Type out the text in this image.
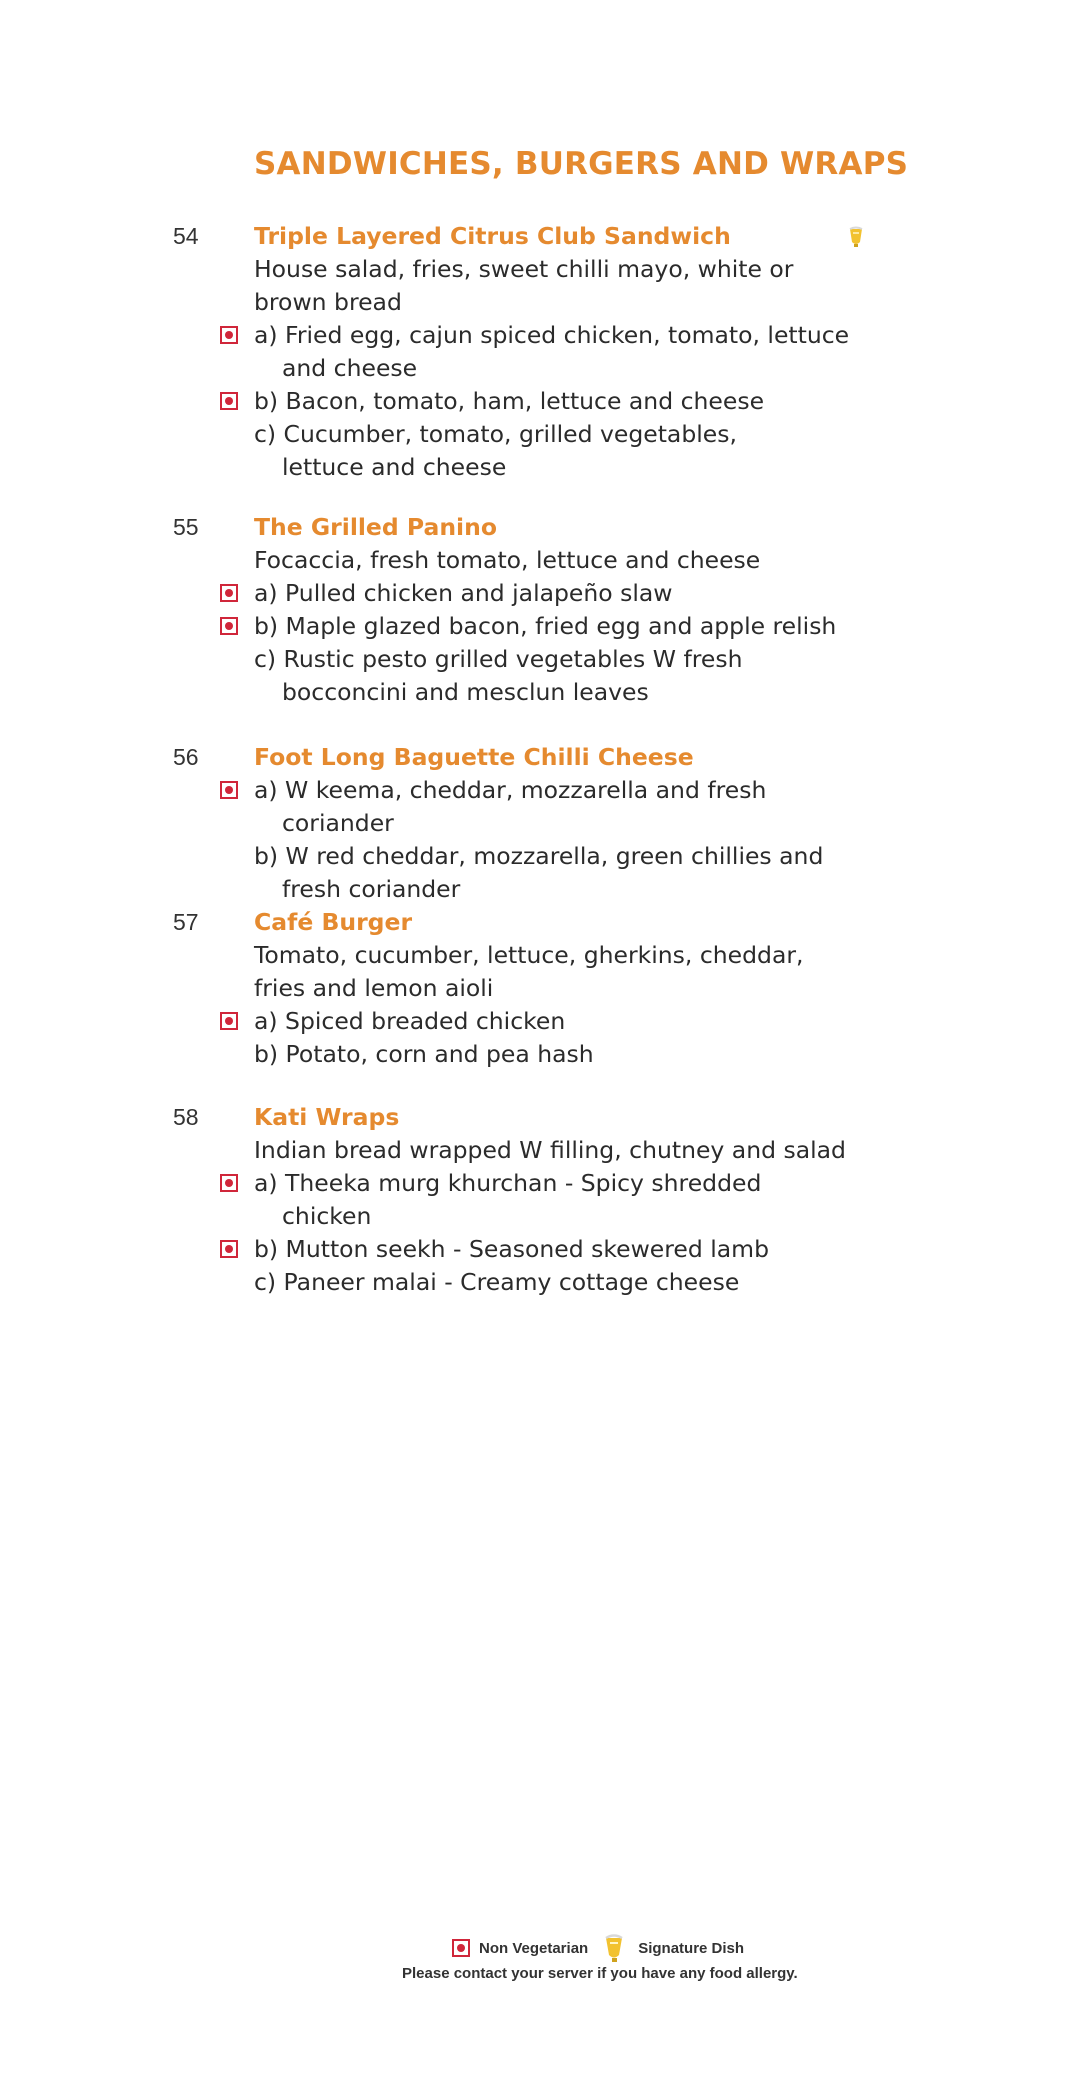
SANDWICHES, BURGERS AND WRAPS
54 Triple Layered Citrus Club Sandwich
House salad, fries, sweet chilli mayo, white or
brown bread
a) Fried egg, cajun spiced chicken, tomato, lettuce and cheese
b) Bacon, tomato, ham, lettuce and cheese
c) Cucumber, tomato, grilled vegetables, lettuce and cheese
55 The Grilled Panino
Focaccia, fresh tomato, lettuce and cheese
a) Pulled chicken and jalapeño slaw
b) Maple glazed bacon, fried egg and apple relish
c) Rustic pesto grilled vegetables W fresh bocconcini and mesclun leaves
56 Foot Long Baguette Chilli Cheese
a) W keema, cheddar, mozzarella and fresh coriander
b) W red cheddar, mozzarella, green chillies and fresh coriander
57 Café Burger
Tomato, cucumber, lettuce, gherkins, cheddar,
fries and lemon aioli
a) Spiced breaded chicken
b) Potato, corn and pea hash
58 Kati Wraps
Indian bread wrapped W filling, chutney and salad
a) Theeka murg khurchan - Spicy shredded chicken
b) Mutton seekh - Seasoned skewered lamb
c) Paneer malai - Creamy cottage cheese
Non Vegetarian	Signature Dish
Please contact your server if you have any food allergy.
